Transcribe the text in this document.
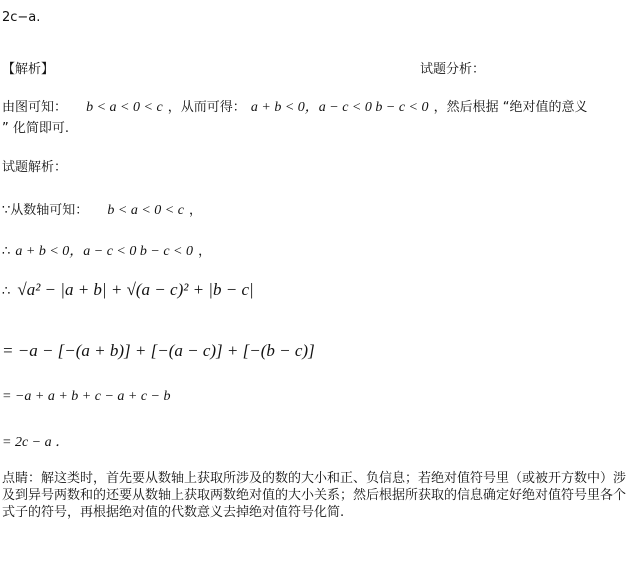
2c−a.
【解析】	试题分析：
由图可知： b < a < 0 < c ，从而可得： a + b < 0，a − c < 0 b − c < 0 ，然后根据 “绝对值的意义
” 化简即可.
试题解析：
∵从数轴可知： b < a < 0 < c ，
∴ a + b < 0，a − c < 0 b − c < 0 ，
∴ √a² − |a + b| + √(a − c)² + |b − c|
= −a − [−(a + b)] + [−(a − c)] + [−(b − c)]
= −a + a + b + c − a + c − b
= 2c − a ．
点睛：解这类时，首先要从数轴上获取所涉及的数的大小和正、负信息；若绝对值符号里（或被开方数中）涉及到异号两数和的还要从数轴上获取两数绝对值的大小关系；然后根据所获取的信息确定好绝对值符号里各个式子的符号，再根据绝对值的代数意义去掉绝对值符号化简.
